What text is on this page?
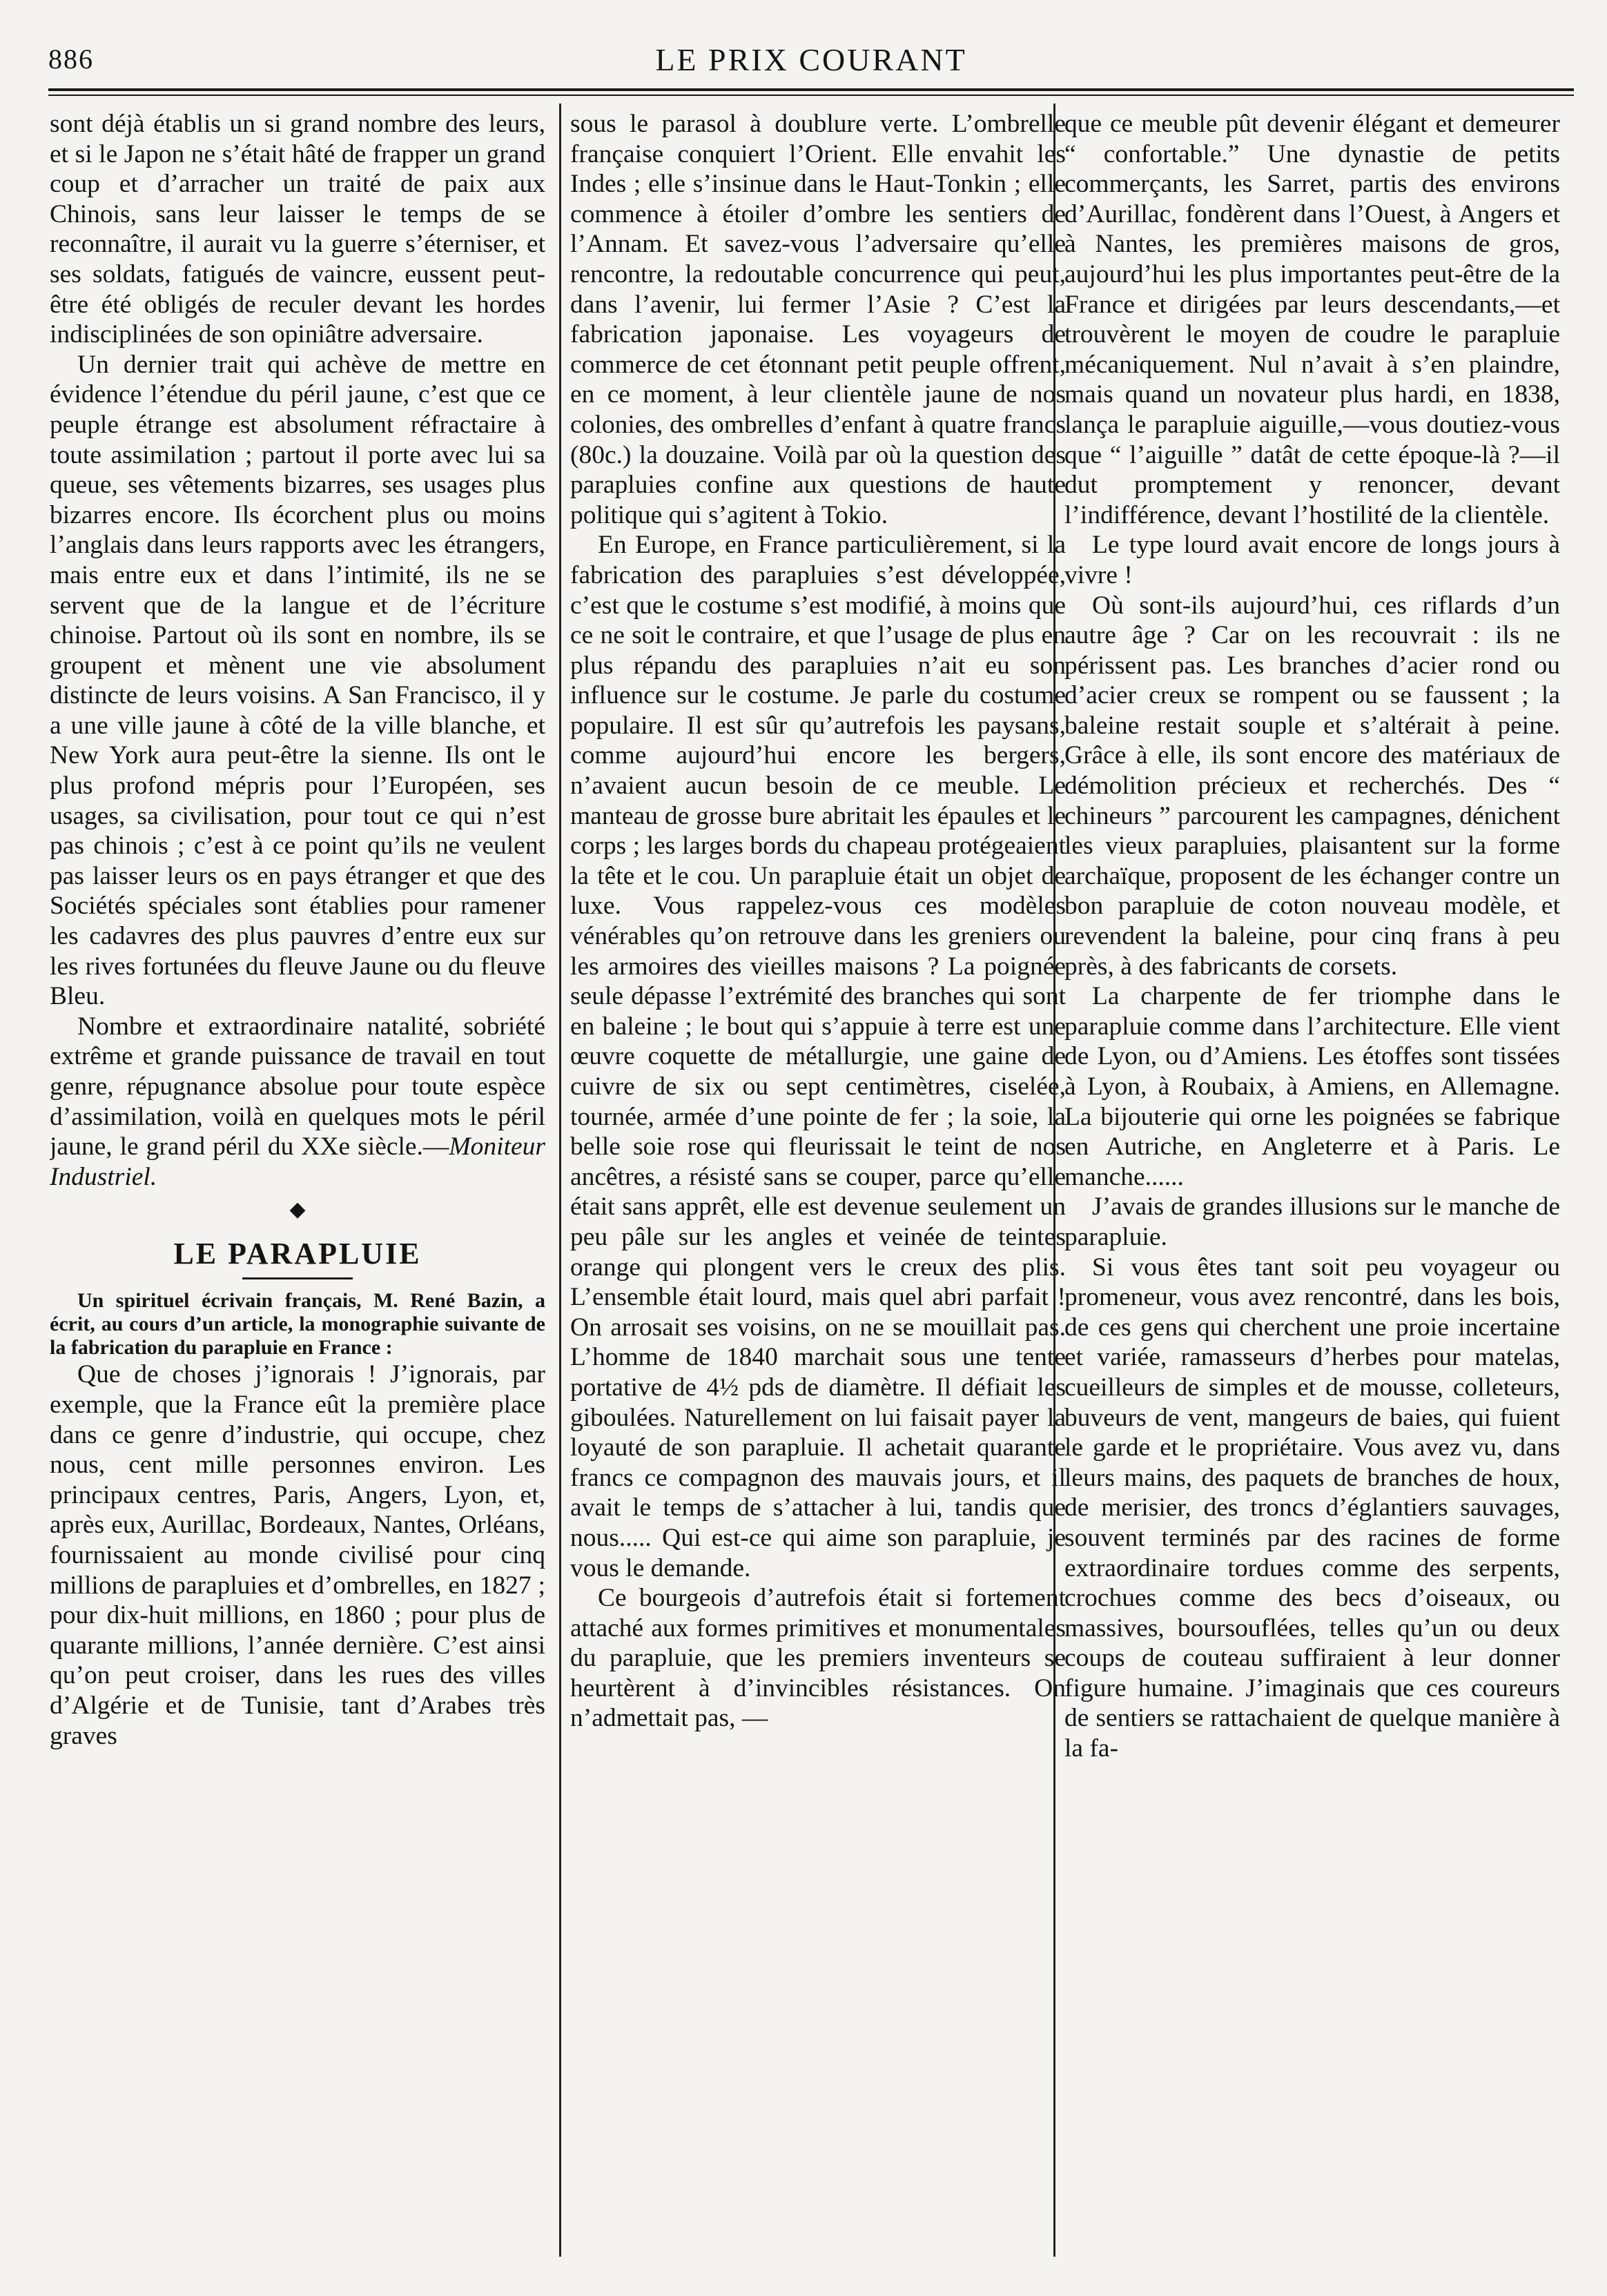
886	LE PRIX COURANT

sont déjà établis un si grand nombre des leurs, et si le Japon ne s’était hâté de frapper un grand coup et d’arracher un traité de paix aux Chinois, sans leur laisser le temps de se reconnaître, il aurait vu la guerre s’éterniser, et ses soldats, fatigués de vaincre, eussent peut-être été obligés de reculer devant les hordes indisciplinées de son opiniâtre adversaire.

Un dernier trait qui achève de mettre en évidence l’étendue du péril jaune, c’est que ce peuple étrange est absolument réfractaire à toute assimilation ; partout il porte avec lui sa queue, ses vêtements bizarres, ses usages plus bizarres encore. Ils écorchent plus ou moins l’anglais dans leurs rapports avec les étrangers, mais entre eux et dans l’intimité, ils ne se servent que de la langue et de l’écriture chinoise. Partout où ils sont en nombre, ils se groupent et mènent une vie absolument distincte de leurs voisins. A San Francisco, il y a une ville jaune à côté de la ville blanche, et New York aura peut-être la sienne. Ils ont le plus profond mépris pour l’Européen, ses usages, sa civilisation, pour tout ce qui n’est pas chinois ; c’est à ce point qu’ils ne veulent pas laisser leurs os en pays étranger et que des Sociétés spéciales sont établies pour ramener les cadavres des plus pauvres d’entre eux sur les rives fortunées du fleuve Jaune ou du fleuve Bleu.

Nombre et extraordinaire natalité, sobriété extrême et grande puissance de travail en tout genre, répugnance absolue pour toute espèce d’assimilation, voilà en quelques mots le péril jaune, le grand péril du XXe siècle.—Moniteur Industriel.

◆
LE PARAPLUIE

Un spirituel écrivain français, M. René Bazin, a écrit, au cours d’un article, la monographie suivante de la fabrication du parapluie en France :

Que de choses j’ignorais ! J’ignorais, par exemple, que la France eût la première place dans ce genre d’industrie, qui occupe, chez nous, cent mille personnes environ. Les principaux centres, Paris, Angers, Lyon, et, après eux, Aurillac, Bordeaux, Nantes, Orléans, fournissaient au monde civilisé pour cinq millions de parapluies et d’ombrelles, en 1827 ; pour dix-huit millions, en 1860 ; pour plus de quarante millions, l’année dernière. C’est ainsi qu’on peut croiser, dans les rues des villes d’Algérie et de Tunisie, tant d’Arabes très graves

sous le parasol à doublure verte. L’ombrelle française conquiert l’Orient. Elle envahit les Indes ; elle s’insinue dans le Haut-Tonkin ; elle commence à étoiler d’ombre les sentiers de l’Annam. Et savez-vous l’adversaire qu’elle rencontre, la redoutable concurrence qui peut, dans l’avenir, lui fermer l’Asie ? C’est la fabrication japonaise. Les voyageurs de commerce de cet étonnant petit peuple offrent, en ce moment, à leur clientèle jaune de nos colonies, des ombrelles d’enfant à quatre francs (80c.) la douzaine. Voilà par où la question des parapluies confine aux questions de haute politique qui s’agitent à Tokio.

En Europe, en France particulièrement, si la fabrication des parapluies s’est développée, c’est que le costume s’est modifié, à moins que ce ne soit le contraire, et que l’usage de plus en plus répandu des parapluies n’ait eu son influence sur le costume. Je parle du costume populaire. Il est sûr qu’autrefois les paysans, comme aujourd’hui encore les bergers, n’avaient aucun besoin de ce meuble. Le manteau de grosse bure abritait les épaules et le corps ; les larges bords du chapeau protégeaient la tête et le cou. Un parapluie était un objet de luxe. Vous rappelez-vous ces modèles vénérables qu’on retrouve dans les greniers ou les armoires des vieilles maisons ? La poignée seule dépasse l’extrémité des branches qui sont en baleine ; le bout qui s’appuie à terre est une œuvre coquette de métallurgie, une gaine de cuivre de six ou sept centimètres, ciselée, tournée, armée d’une pointe de fer ; la soie, la belle soie rose qui fleurissait le teint de nos ancêtres, a résisté sans se couper, parce qu’elle était sans apprêt, elle est devenue seulement un peu pâle sur les angles et veinée de teintes orange qui plongent vers le creux des plis. L’ensemble était lourd, mais quel abri parfait ! On arrosait ses voisins, on ne se mouillait pas. L’homme de 1840 marchait sous une tente portative de 4½ pds de diamètre. Il défiait les giboulées. Naturellement on lui faisait payer la loyauté de son parapluie. Il achetait quarante francs ce compagnon des mauvais jours, et il avait le temps de s’attacher à lui, tandis que nous..... Qui est-ce qui aime son parapluie, je vous le demande.

Ce bourgeois d’autrefois était si fortement attaché aux formes primitives et monumentales du parapluie, que les premiers inventeurs se heurtèrent à d’invincibles résistances. On n’admettait pas, —

que ce meuble pût devenir élégant et demeurer “ confortable.” Une dynastie de petits commerçants, les Sarret, partis des environs d’Aurillac, fondèrent dans l’Ouest, à Angers et à Nantes, les premières maisons de gros, aujourd’hui les plus importantes peut-être de la France et dirigées par leurs descendants,—et trouvèrent le moyen de coudre le parapluie mécaniquement. Nul n’avait à s’en plaindre, mais quand un novateur plus hardi, en 1838, lança le parapluie aiguille,—vous doutiez-vous que “ l’aiguille ” datât de cette époque-là ?—il dut promptement y renoncer, devant l’indifférence, devant l’hostilité de la clientèle.

Le type lourd avait encore de longs jours à vivre !

Où sont-ils aujourd’hui, ces riflards d’un autre âge ? Car on les recouvrait : ils ne périssent pas. Les branches d’acier rond ou d’acier creux se rompent ou se faussent ; la baleine restait souple et s’altérait à peine. Grâce à elle, ils sont encore des matériaux de démolition précieux et recherchés. Des “ chineurs ” parcourent les campagnes, dénichent les vieux parapluies, plaisantent sur la forme archaïque, proposent de les échanger contre un bon parapluie de coton nouveau modèle, et revendent la baleine, pour cinq frans à peu près, à des fabricants de corsets.

La charpente de fer triomphe dans le parapluie comme dans l’architecture. Elle vient de Lyon, ou d’Amiens. Les étoffes sont tissées à Lyon, à Roubaix, à Amiens, en Allemagne. La bijouterie qui orne les poignées se fabrique en Autriche, en Angleterre et à Paris. Le manche......

J’avais de grandes illusions sur le manche de parapluie.

Si vous êtes tant soit peu voyageur ou promeneur, vous avez rencontré, dans les bois, de ces gens qui cherchent une proie incertaine et variée, ramasseurs d’herbes pour matelas, cueilleurs de simples et de mousse, colleteurs, buveurs de vent, mangeurs de baies, qui fuient le garde et le propriétaire. Vous avez vu, dans leurs mains, des paquets de branches de houx, de merisier, des troncs d’églantiers sauvages, souvent terminés par des racines de forme extraordinaire tordues comme des serpents, crochues comme des becs d’oiseaux, ou massives, boursouflées, telles qu’un ou deux coups de couteau suffiraient à leur donner figure humaine. J’imaginais que ces coureurs de sentiers se rattachaient de quelque manière à la fa-
